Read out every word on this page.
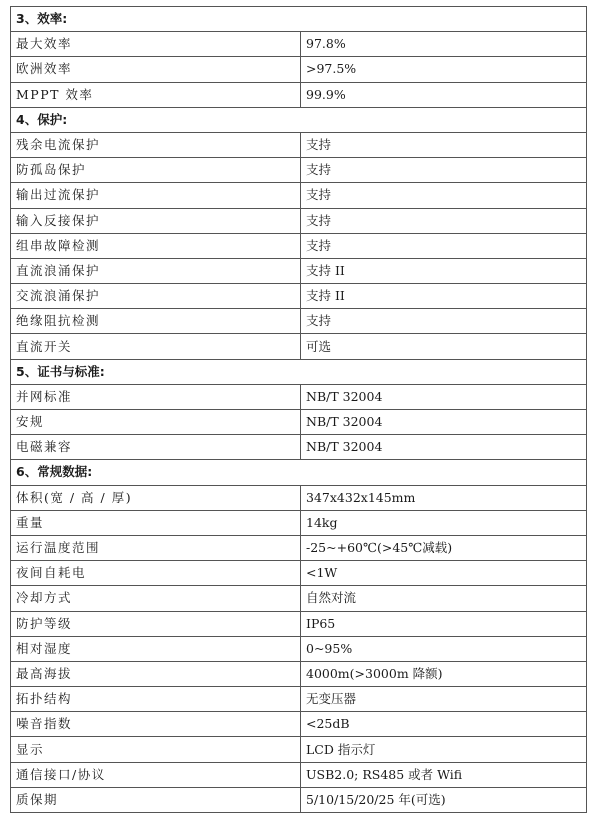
3、效率:	
最大效率	97.8%
欧洲效率	>97.5%
MPPT 效率	99.9%
4、保护:	
残余电流保护	支持
防孤岛保护	支持
输出过流保护	支持
输入反接保护	支持
组串故障检测	支持
直流浪涌保护	支持 II
交流浪涌保护	支持 II
绝缘阻抗检测	支持
直流开关	可选
5、证书与标准:	
并网标准	NB/T 32004
安规	NB/T 32004
电磁兼容	NB/T 32004
6、常规数据:	
体积(宽 / 高 / 厚)	347x432x145mm
重量	14kg
运行温度范围	-25~+60℃(>45℃减载)
夜间自耗电	<1W
冷却方式	自然对流
防护等级	IP65
相对湿度	0~95%
最高海拔	4000m(>3000m 降额)
拓扑结构	无变压器
噪音指数	<25dB
显示	LCD 指示灯
通信接口/协议	USB2.0; RS485 或者 Wifi
质保期	5/10/15/20/25 年(可选)
